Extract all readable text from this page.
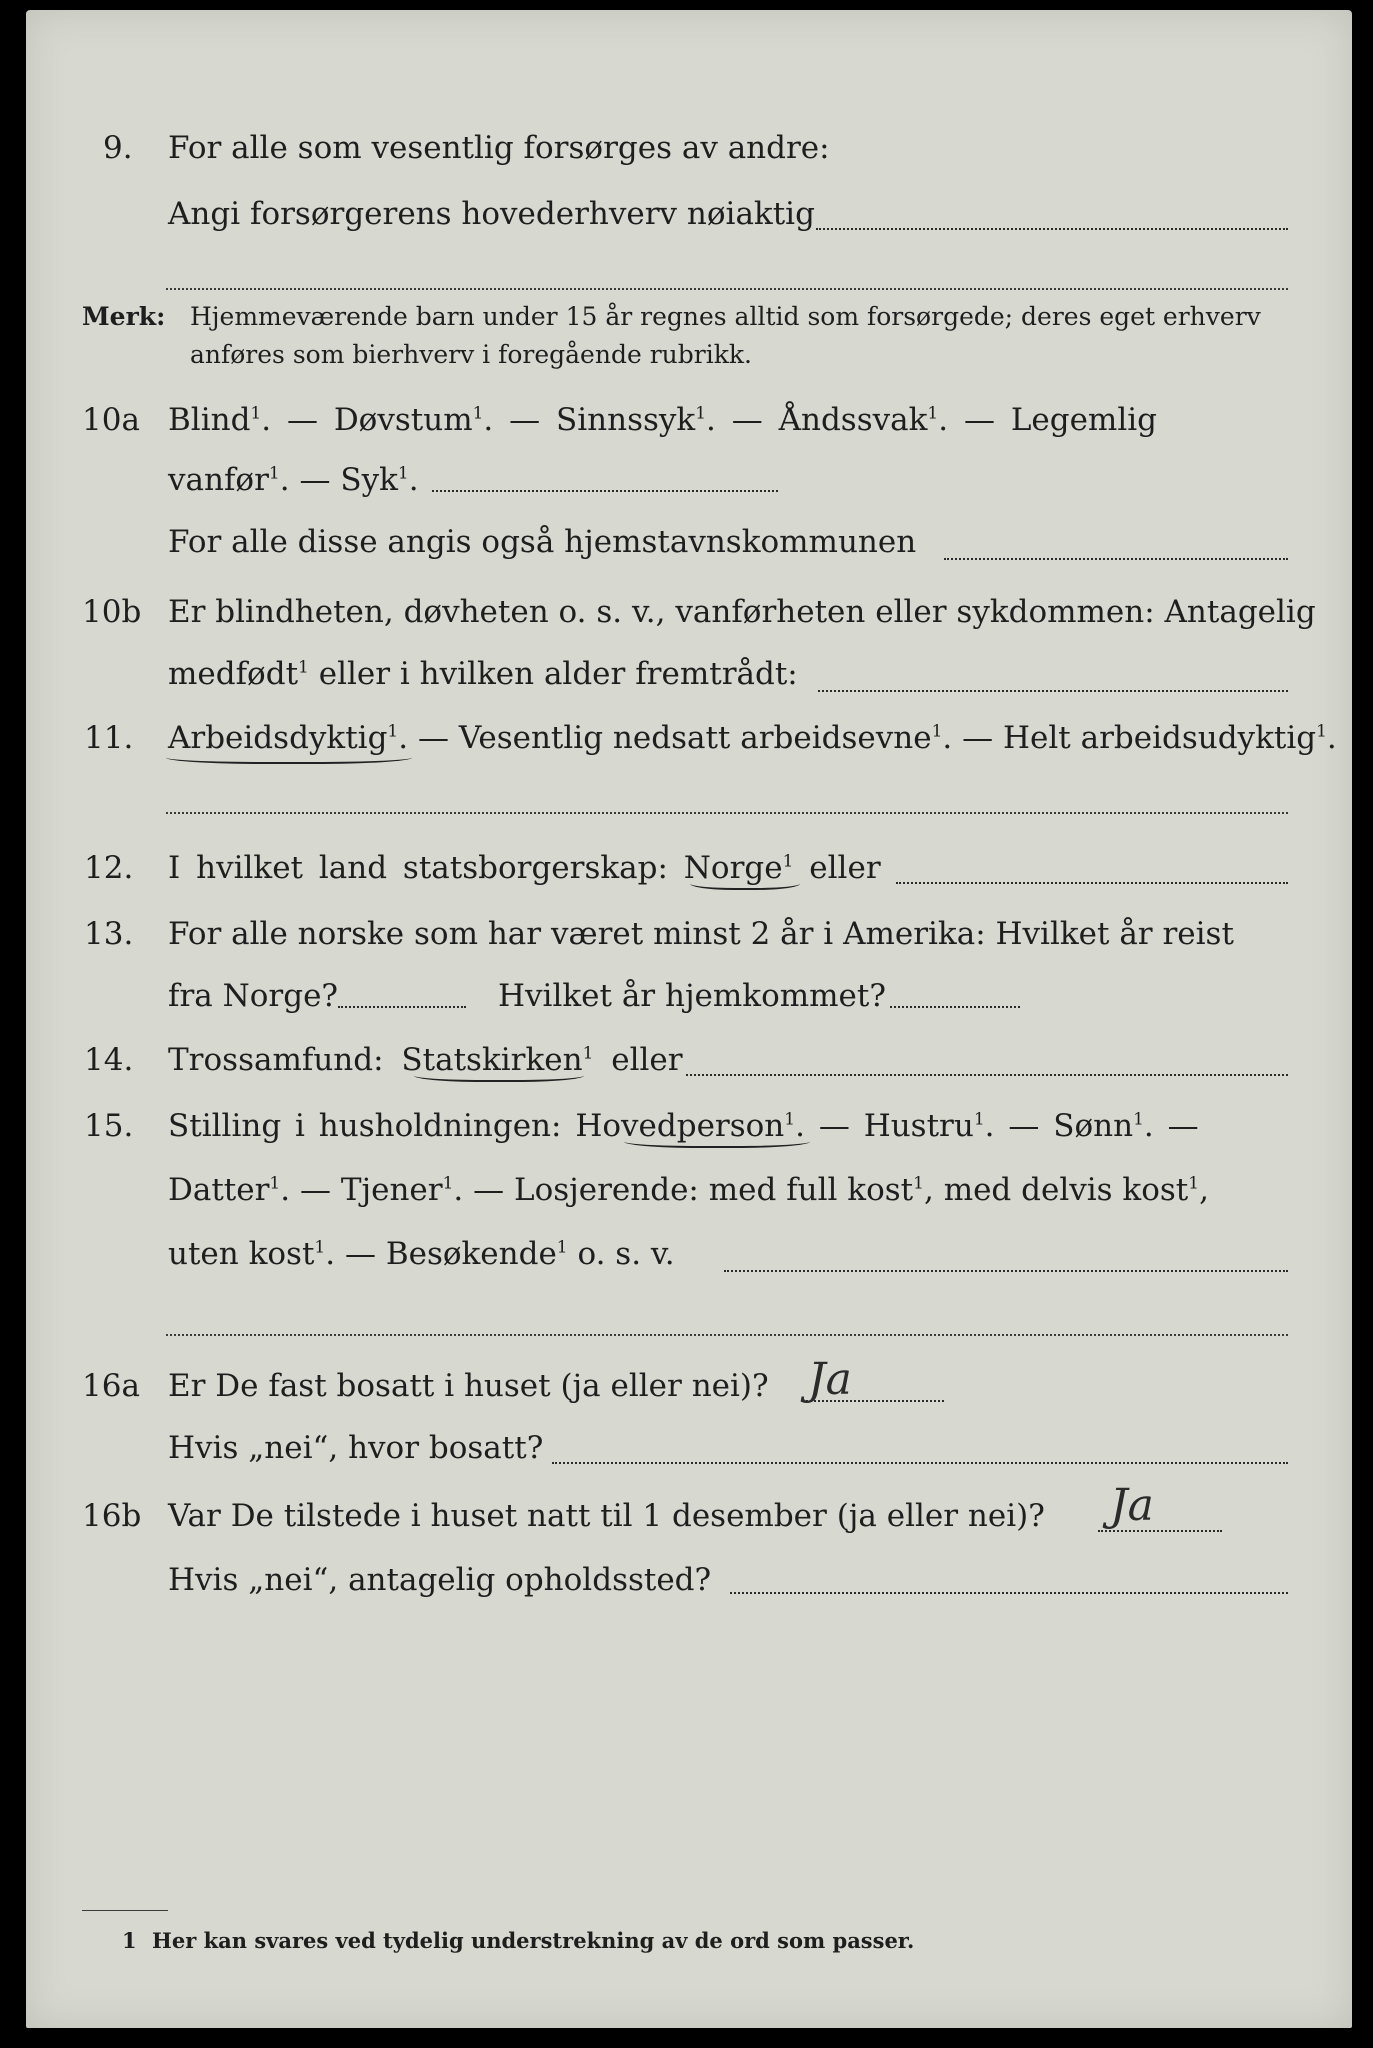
9. For alle som vesentlig forsørges av andre:
Angi forsørgerens hovederhverv nøiaktig
Merk: Hjemmeværende barn under 15 år regnes alltid som forsørgede; deres eget erhverv
anføres som bierhverv i foregående rubrikk.
10a Blind$^1$. — Døvstum$^1$. — Sinnssyk$^1$. — Åndssvak$^1$. — Legemlig
vanfør$^1$. — Syk$^1$.
For alle disse angis også hjemstavnskommunen
10b Er blindheten, døvheten o. s. v., vanførheten eller sykdommen: Antagelig
medfødt$^1$ eller i hvilken alder fremtrådt:
11. Arbeidsdyktig$^1$. — Vesentlig nedsatt arbeidsevne$^1$. — Helt arbeidsudyktig$^1$.
12. I hvilket land statsborgerskap: Norge$^1$ eller
13. For alle norske som har været minst 2 år i Amerika: Hvilket år reist
fra Norge?	Hvilket år hjemkommet?
14. Trossamfund: Statskirken$^1$ eller
15. Stilling i husholdningen: Hovedperson$^1$. — Hustru$^1$. — Sønn$^1$. —
Datter$^1$. — Tjener$^1$. — Losjerende: med full kost$^1$, med delvis kost$^1$,
uten kost$^1$. — Besøkende$^1$ o. s. v.
16a Er De fast bosatt i huset (ja eller nei)? Ja
Hvis „nei“, hvor bosatt?
16b Var De tilstede i huset natt til 1 desember (ja eller nei)? Ja
Hvis „nei“, antagelig opholdssted?
1 Her kan svares ved tydelig understrekning av de ord som passer.
